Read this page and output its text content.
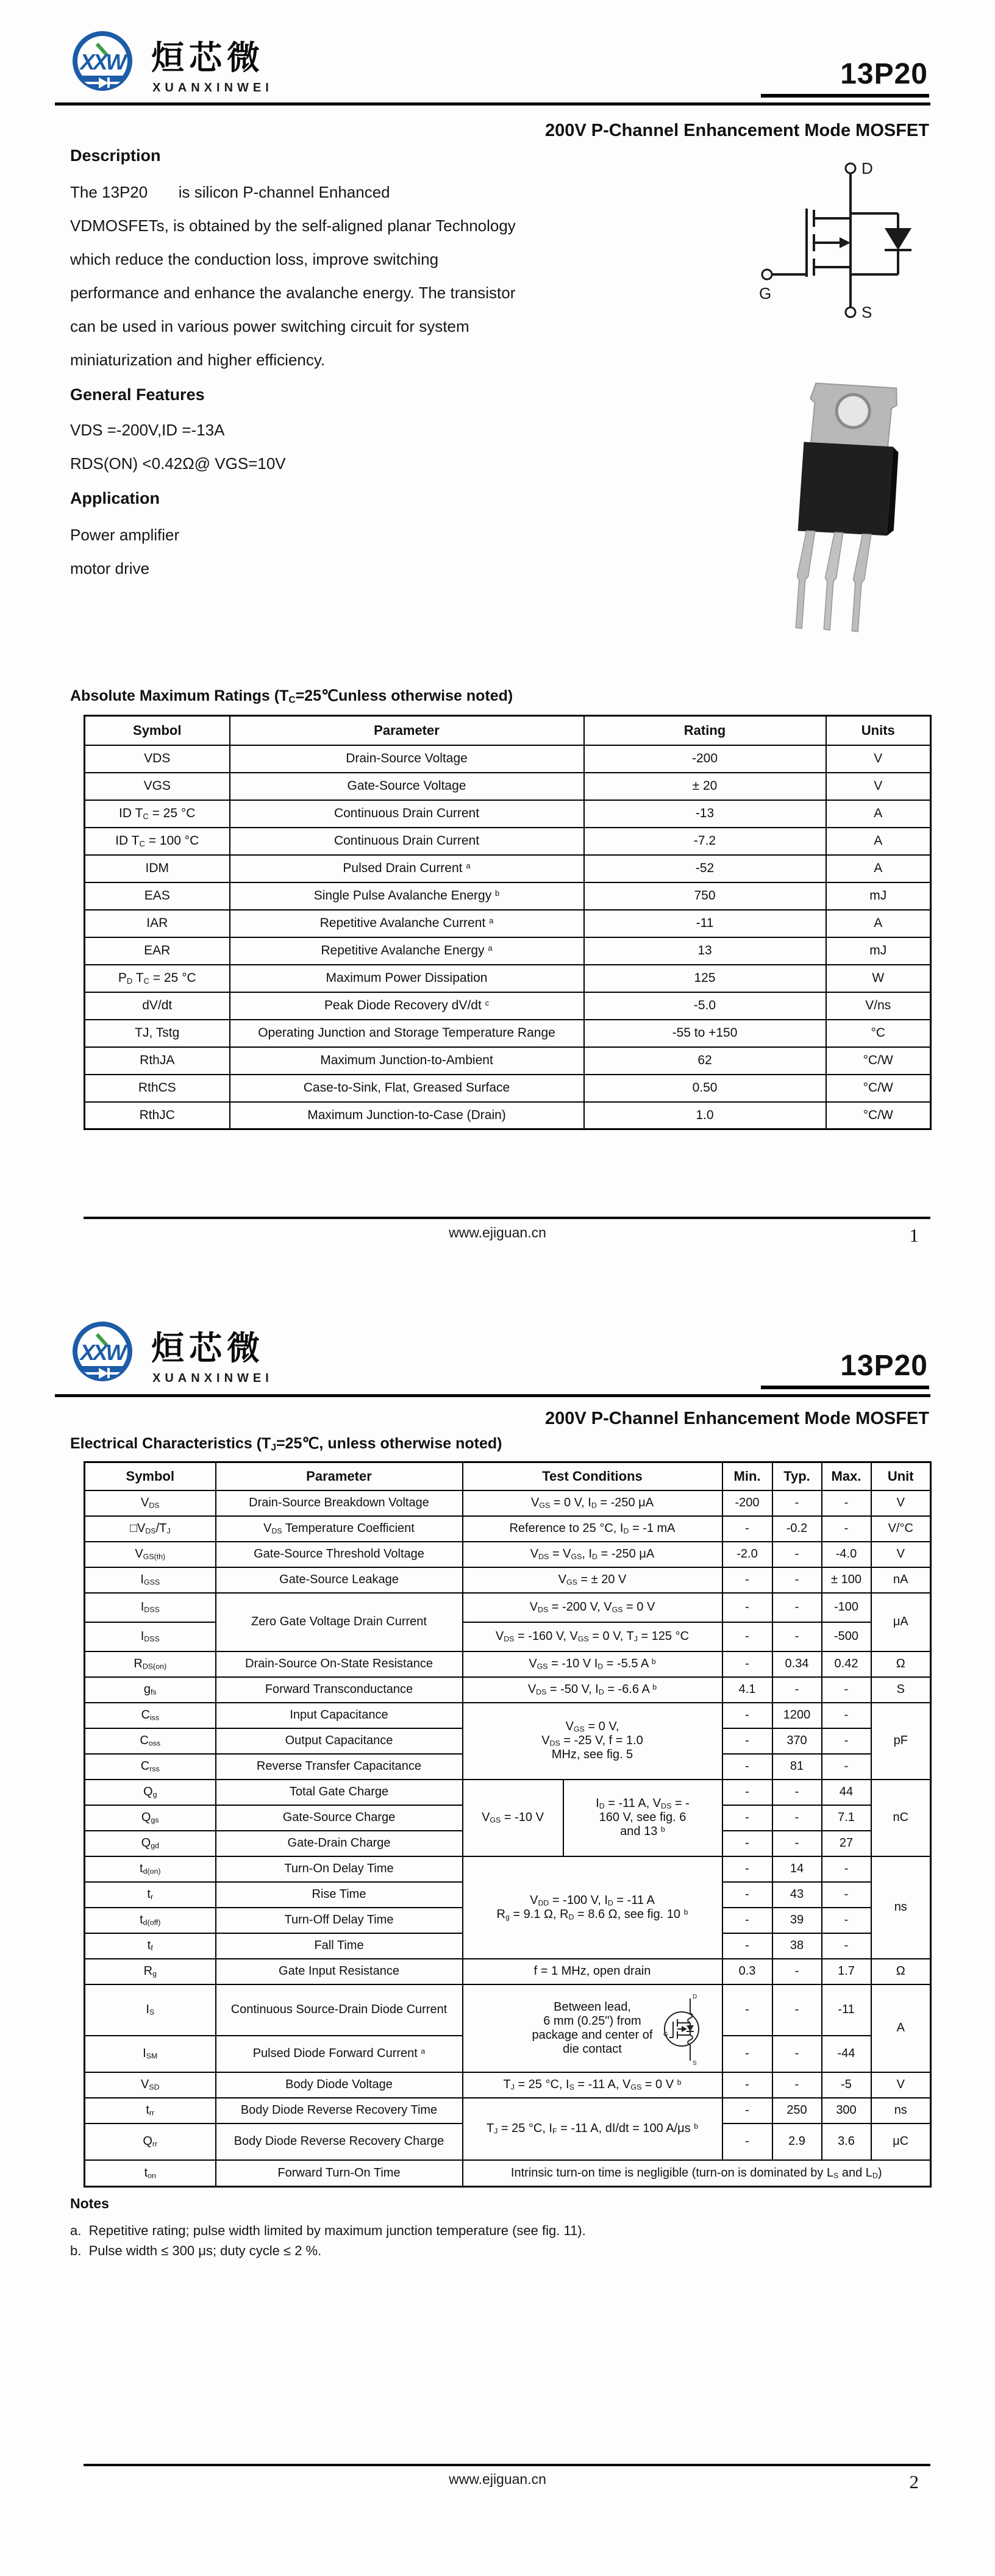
XXW 烜芯微
XUANXINWEI	13P20
200V P-Channel Enhancement Mode MOSFET
Description
The 13P20       is silicon P-channel Enhanced
VDMOSFETs, is obtained by the self-aligned planar Technology
which reduce the conduction loss, improve switching
performance and enhance the avalanche energy. The transistor
can be used in various power switching circuit for system
miniaturization and higher efficiency.
General Features
VDS =-200V,ID =-13A
RDS(ON) <0.42Ω@ VGS=10V
Application
Power amplifier
motor drive
D
G
S
Absolute Maximum Ratings ($T_C=25℃unless$ otherwise noted)
Symbol	Parameter	Rating	Units
VDS	Drain-Source Voltage	-200	V
VGS	Gate-Source Voltage	± 20	V
ID $T_C = 25$ °C	Continuous Drain Current	-13	A
ID $T_C = 100$ °C	Continuous Drain Current	-7.2	A
IDM	Pulsed Drain Current $^a$	-52	A
EAS	Single Pulse Avalanche Energy $^b$	750	mJ
IAR	Repetitive Avalanche Current $^a$	-11	A
EAR	Repetitive Avalanche Energy $^a$	13	mJ
$P_D$ $T_C = 25$ °C	Maximum Power Dissipation	125	W
dV/dt	Peak Diode Recovery dV/dt $^c$	-5.0	V/ns
TJ, Tstg	Operating Junction and Storage Temperature Range	-55 to +150	°C
RthJA	Maximum Junction-to-Ambient	62	°C/W
RthCS	Case-to-Sink, Flat, Greased Surface	0.50	°C/W
RthJC	Maximum Junction-to-Case (Drain)	1.0	°C/W
www.ejiguan.cn	1
XXW 烜芯微
XUANXINWEI	13P20
200V P-Channel Enhancement Mode MOSFET
Electrical Characteristics ($T_J=25℃$, unless otherwise noted)
Symbol	Parameter	Test Conditions		Min.	Typ.	Max.	Unit
$V_{DS}$	Drain-Source Breakdown Voltage	$V_{GS} = 0$ V, $I_D = -250$ μA		-200	-	-	V
$□V_{DS}/T_J$	$V_{DS}$ Temperature Coefficient	Reference to 25 °C, $I_D = -1$ mA		-	-0.2	-	V/°C
$V_{GS(th)}$	Gate-Source Threshold Voltage	$V_{DS} = V_{GS}$, $I_D = -250$ μA		-2.0	-	-4.0	V
$I_{GSS}$	Gate-Source Leakage	$V_{GS}$ = ± 20 V		-	-	± 100	nA
$I_{DSS}$	Zero Gate Voltage Drain Current	$V_{DS} = -200$ V, $V_{GS} = 0$ V		-	-	-100	μA
$I_{DSS}$		$V_{DS} = -160$ V, $V_{GS} = 0$ V, $T_J = 125$ °C		-	-	-500	
$R_{DS(on)}$	Drain-Source On-State Resistance	$V_{GS} = -10$ V $I_D = -5.5$ A $^b$		-	0.34	0.42	Ω
$g_{fs}$	Forward Transconductance	$V_{DS} = -50$ V, $I_D = -6.6$ A $^b$		4.1	-	-	S
$C_{iss}$	Input Capacitance	$V_{GS} = 0$ V,
$V_{DS} = -25$ V, f = 1.0
MHz, see fig. 5		-	1200	-	pF
$C_{oss}$	Output Capacitance			-	370	-	
$C_{rss}$	Reverse Transfer Capacitance			-	81	-	
$Q_g$	Total Gate Charge	$V_{GS} = -10$ V	$I_D = -11$ A, $V_{DS}$ = -
160 V, see fig. 6
and 13 $^b$	-	-	44	nC
$Q_{gs}$	Gate-Source Charge			-	-	7.1	
$Q_{gd}$	Gate-Drain Charge			-	-	27	
$t_{d(on)}$	Turn-On Delay Time	$V_{DD} = -100$ V, $I_D = -11$ A
$R_g = 9.1$ Ω, $R_D = 8.6$ Ω, see fig. 10 $^b$		-	14	-	ns
$t_r$	Rise Time			-	43	-	
$t_{d(off)}$	Turn-Off Delay Time			-	39	-	
$t_f$	Fall Time			-	38	-	
$R_g$	Gate Input Resistance	f = 1 MHz, open drain		0.3	-	1.7	Ω
$I_S$	Continuous Source-Drain Diode Current	Between lead,
6 mm (0.25") from
package and center of
die contact
D
G
S
	-	-	-11	A
$I_{SM}$	Pulsed Diode Forward Current $^a$			-	-	-44	
$V_{SD}$	Body Diode Voltage	$T_J = 25$ °C, $I_S = -11$ A, $V_{GS} = 0$ V $^b$		-	-	-5	V
$t_{rr}$	Body Diode Reverse Recovery Time	$T_J = 25$ °C, $I_F = -11$ A, dI/dt = 100 A/μs $^b$		-	250	300	ns
$Q_{rr}$	Body Diode Reverse Recovery Charge			-	2.9	3.6	μC
$t_{on}$	Forward Turn-On Time	Intrinsic turn-on time is negligible (turn-on is dominated by $L_S$ and $L_D$)					
Notes
a.  Repetitive rating; pulse width limited by maximum junction temperature (see fig. 11).
b.  Pulse width ≤ 300 μs; duty cycle ≤ 2 %.
www.ejiguan.cn	2
